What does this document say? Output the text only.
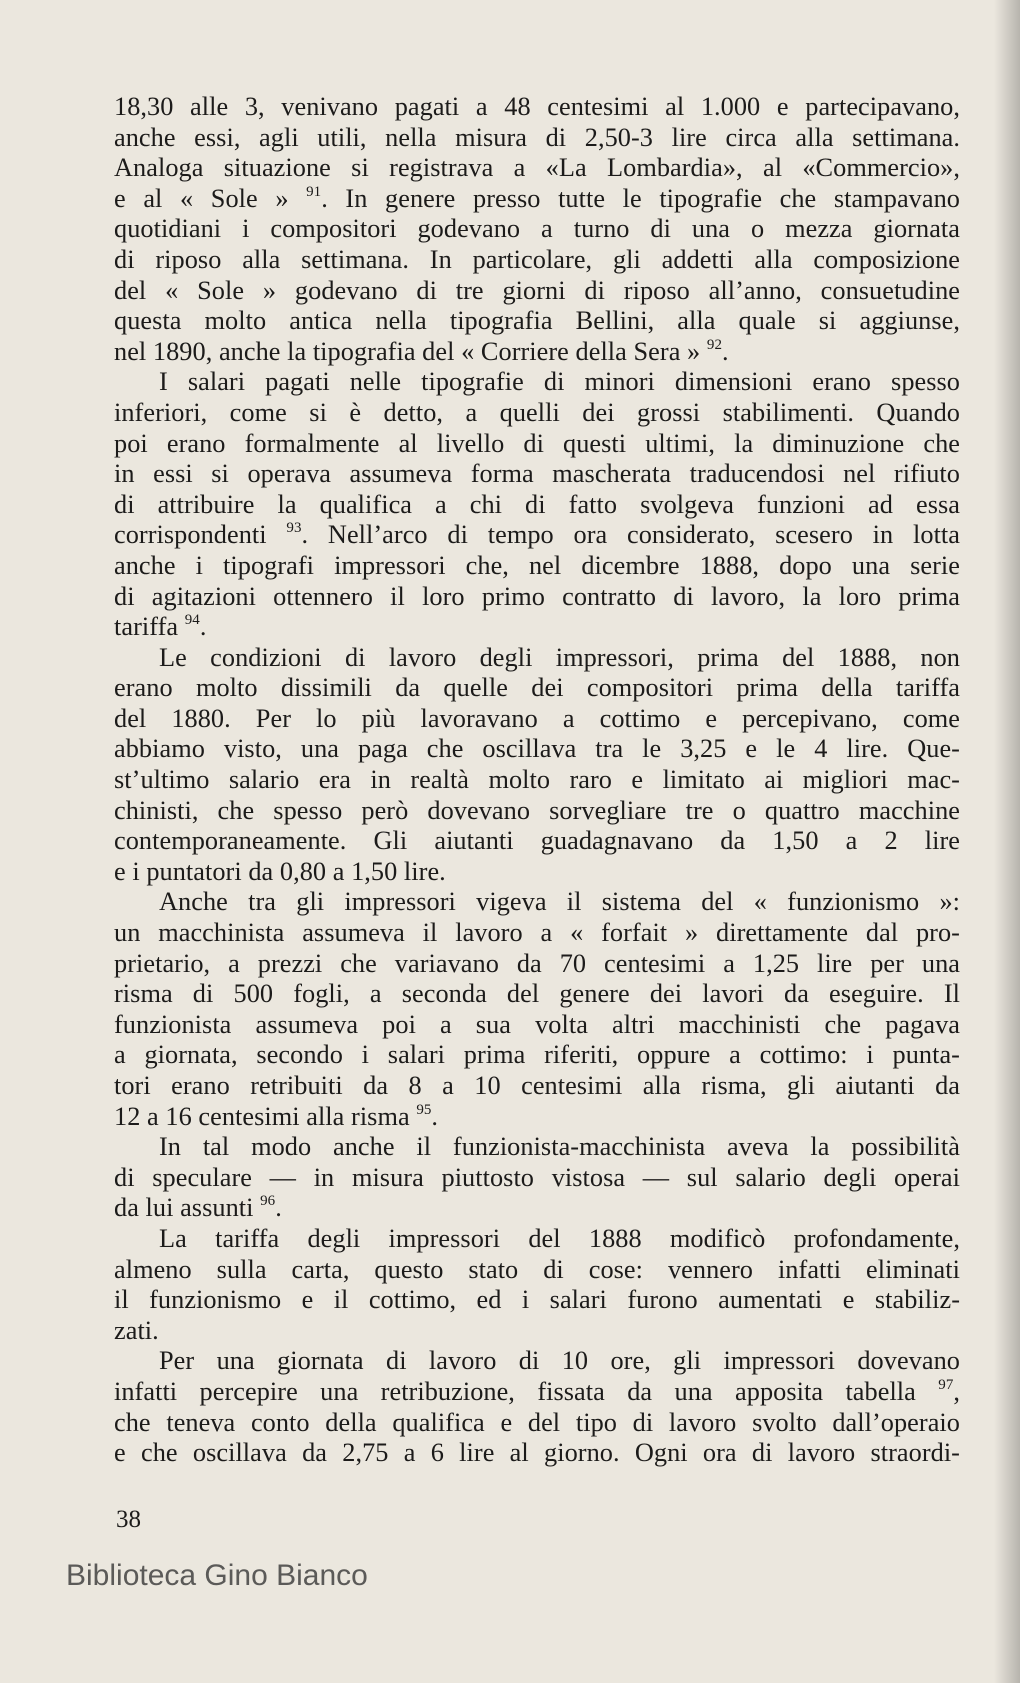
18,30 alle 3, venivano pagati a 48 centesimi al 1.000 e partecipavano,
anche essi, agli utili, nella misura di 2,50-3 lire circa alla settimana.
Analoga situazione si registrava a «La Lombardia», al «Commercio»,
e al « Sole » $^{91}$. In genere presso tutte le tipografie che stampavano
quotidiani i compositori godevano a turno di una o mezza giornata
di riposo alla settimana. In particolare, gli addetti alla composizione
del « Sole » godevano di tre giorni di riposo all’anno, consuetudine
questa molto antica nella tipografia Bellini, alla quale si aggiunse,
nel 1890, anche la tipografia del « Corriere della Sera » $^{92}$.
I salari pagati nelle tipografie di minori dimensioni erano spesso
inferiori, come si è detto, a quelli dei grossi stabilimenti. Quando
poi erano formalmente al livello di questi ultimi, la diminuzione che
in essi si operava assumeva forma mascherata traducendosi nel rifiuto
di attribuire la qualifica a chi di fatto svolgeva funzioni ad essa
corrispondenti $^{93}$. Nell’arco di tempo ora considerato, scesero in lotta
anche i tipografi impressori che, nel dicembre 1888, dopo una serie
di agitazioni ottennero il loro primo contratto di lavoro, la loro prima
tariffa $^{94}$.
Le condizioni di lavoro degli impressori, prima del 1888, non
erano molto dissimili da quelle dei compositori prima della tariffa
del 1880. Per lo più lavoravano a cottimo e percepivano, come
abbiamo visto, una paga che oscillava tra le 3,25 e le 4 lire. Que-
st’ultimo salario era in realtà molto raro e limitato ai migliori mac-
chinisti, che spesso però dovevano sorvegliare tre o quattro macchine
contemporaneamente. Gli aiutanti guadagnavano da 1,50 a 2 lire
e i puntatori da 0,80 a 1,50 lire.
Anche tra gli impressori vigeva il sistema del « funzionismo »:
un macchinista assumeva il lavoro a « forfait » direttamente dal pro-
prietario, a prezzi che variavano da 70 centesimi a 1,25 lire per una
risma di 500 fogli, a seconda del genere dei lavori da eseguire. Il
funzionista assumeva poi a sua volta altri macchinisti che pagava
a giornata, secondo i salari prima riferiti, oppure a cottimo: i punta-
tori erano retribuiti da 8 a 10 centesimi alla risma, gli aiutanti da
12 a 16 centesimi alla risma $^{95}$.
In tal modo anche il funzionista-macchinista aveva la possibilità
di speculare — in misura piuttosto vistosa — sul salario degli operai
da lui assunti $^{96}$.
La tariffa degli impressori del 1888 modificò profondamente,
almeno sulla carta, questo stato di cose: vennero infatti eliminati
il funzionismo e il cottimo, ed i salari furono aumentati e stabiliz-
zati.
Per una giornata di lavoro di 10 ore, gli impressori dovevano
infatti percepire una retribuzione, fissata da una apposita tabella $^{97}$,
che teneva conto della qualifica e del tipo di lavoro svolto dall’operaio
e che oscillava da 2,75 a 6 lire al giorno. Ogni ora di lavoro straordi-
38
Biblioteca Gino Bianco
